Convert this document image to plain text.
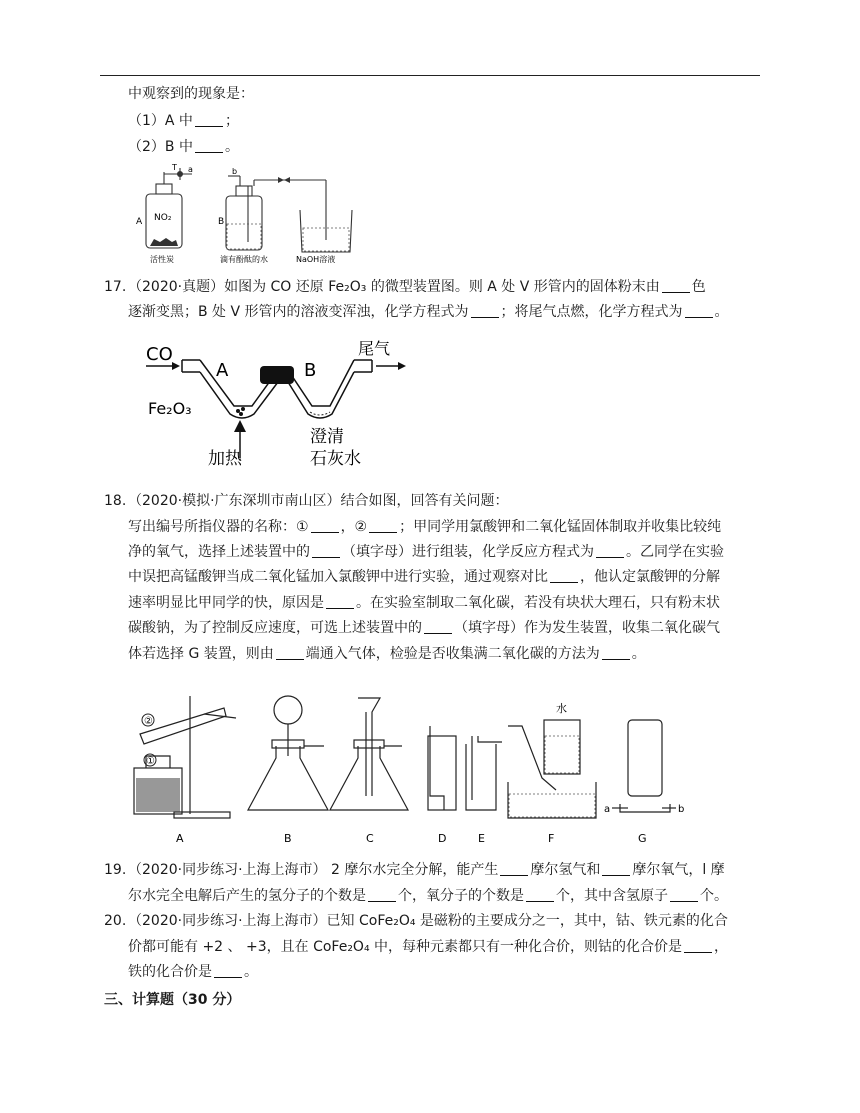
中观察到的现象是：
（1）A 中 ；
（2）B 中 。
T a	b
A	B
NO₂
活性炭	滴有酚酞的水	NaOH溶液
17. （2020·真题）如图为 CO 还原 Fe₂O₃ 的微型装置图。则 A 处 V 形管内的固体粉末由 色
逐渐变黑；B 处 V 形管内的溶液变浑浊，化学方程式为 ；将尾气点燃，化学方程式为 。
CO
A	B
尾气
Fe₂O₃
加热
澄清
石灰水
18. （2020·模拟·广东深圳市南山区）结合如图，回答有关问题：
写出编号所指仪器的名称：① ，② ；甲同学用氯酸钾和二氧化锰固体制取并收集比较纯
净的氧气，选择上述装置中的 （填字母）进行组装，化学反应方程式为 。乙同学在实验
中误把高锰酸钾当成二氧化锰加入氯酸钾中进行实验，通过观察对比 ，他认定氯酸钾的分解
速率明显比甲同学的快，原因是 。在实验室制取二氧化碳，若没有块状大理石，只有粉末状
碳酸钠，为了控制反应速度，可选上述装置中的 （填字母）作为发生装置，收集二氧化碳气
体若选择 G 装置，则由 端通入气体，检验是否收集满二氧化碳的方法为 。
②
①
水
a	b
A	B	C	D	E	F	G
19. （2020·同步练习·上海上海市） 2 摩尔水完全分解，能产生 摩尔氢气和 摩尔氧气，l 摩
尔水完全电解后产生的氢分子的个数是 个，氧分子的个数是 个，其中含氢原子 个。
20. （2020·同步练习·上海上海市）已知 CoFe₂O₄ 是磁粉的主要成分之一，其中，钴、铁元素的化合
价都可能有 +2 、 +3，且在 CoFe₂O₄ 中，每种元素都只有一种化合价，则钴的化合价是 ，
铁的化合价是 。
三、计算题（30 分）
